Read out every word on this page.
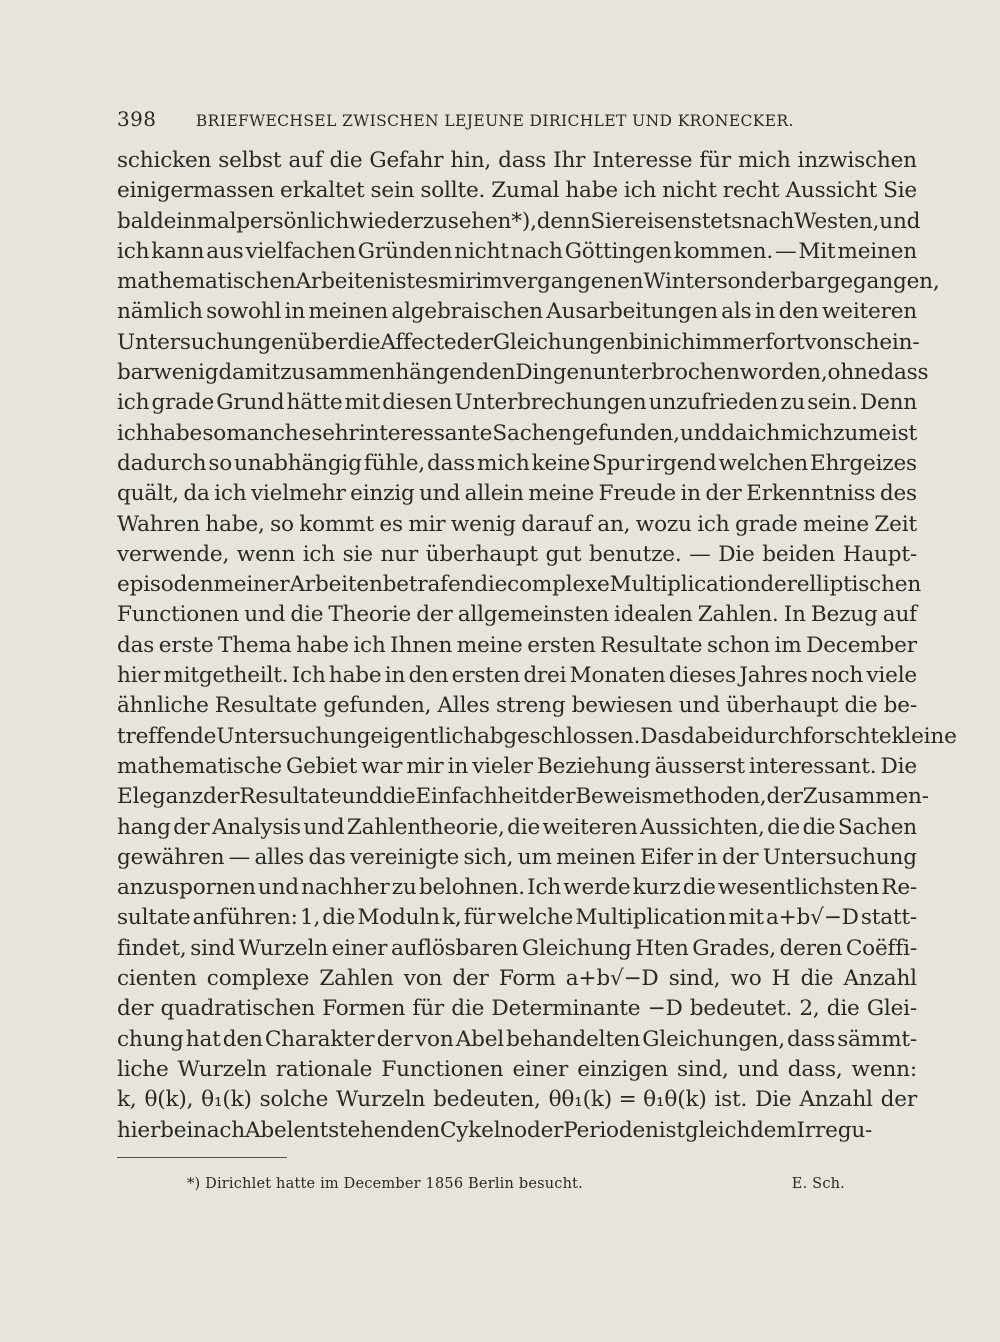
398	BRIEFWECHSEL ZWISCHEN LEJEUNE DIRICHLET UND KRONECKER.
schicken selbst auf die Gefahr hin, dass Ihr Interesse für mich inzwischen
einigermassen erkaltet sein sollte. Zumal habe ich nicht recht Aussicht Sie
bald einmal persönlich wiederzusehen*), denn Sie reisen stets nach Westen, und
ich kann aus vielfachen Gründen nicht nach Göttingen kommen. — Mit meinen
mathematischen Arbeiten ist es mir im vergangenen Winter sonderbar gegangen,
nämlich sowohl in meinen algebraischen Ausarbeitungen als in den weiteren
Untersuchungen über die Affecte der Gleichungen bin ich immerfort von schein-
bar wenig damit zusammenhängenden Dingen unterbrochen worden, ohne dass
ich grade Grund hätte mit diesen Unterbrechungen unzufrieden zu sein. Denn
ich habe so manche sehr interessante Sachen gefunden, und da ich mich zumeist
dadurch so unabhängig fühle, dass mich keine Spur irgend welchen Ehrgeizes
quält, da ich vielmehr einzig und allein meine Freude in der Erkenntniss des
Wahren habe, so kommt es mir wenig darauf an, wozu ich grade meine Zeit
verwende, wenn ich sie nur überhaupt gut benutze. — Die beiden Haupt-
episoden meiner Arbeiten betrafen die complexe Multiplication der elliptischen
Functionen und die Theorie der allgemeinsten idealen Zahlen. In Bezug auf
das erste Thema habe ich Ihnen meine ersten Resultate schon im December
hier mitgetheilt. Ich habe in den ersten drei Monaten dieses Jahres noch viele
ähnliche Resultate gefunden, Alles streng bewiesen und überhaupt die be-
treffende Untersuchung eigentlich abgeschlossen. Das dabei durchforschte kleine
mathematische Gebiet war mir in vieler Beziehung äusserst interessant. Die
Eleganz der Resultate und die Einfachheit der Beweismethoden, der Zusammen-
hang der Analysis und Zahlentheorie, die weiteren Aussichten, die die Sachen
gewähren — alles das vereinigte sich, um meinen Eifer in der Untersuchung
anzuspornen und nachher zu belohnen. Ich werde kurz die wesentlichsten Re-
sultate anführen: 1, die Moduln k, für welche Multiplication mit a+b√−D statt-
findet, sind Wurzeln einer auflösbaren Gleichung Hten Grades, deren Coëffi-
cienten complexe Zahlen von der Form a+b√−D sind, wo H die Anzahl
der quadratischen Formen für die Determinante −D bedeutet. 2, die Glei-
chung hat den Charakter der von Abel behandelten Gleichungen, dass sämmt-
liche Wurzeln rationale Functionen einer einzigen sind, und dass, wenn:
k, θ(k), θ₁(k) solche Wurzeln bedeuten, θθ₁(k) = θ₁θ(k) ist. Die Anzahl der
hierbei nach Abel entstehenden Cykeln oder Perioden ist gleich dem Irregu-
*) Dirichlet hatte im December 1856 Berlin besucht.	E. Sch.
